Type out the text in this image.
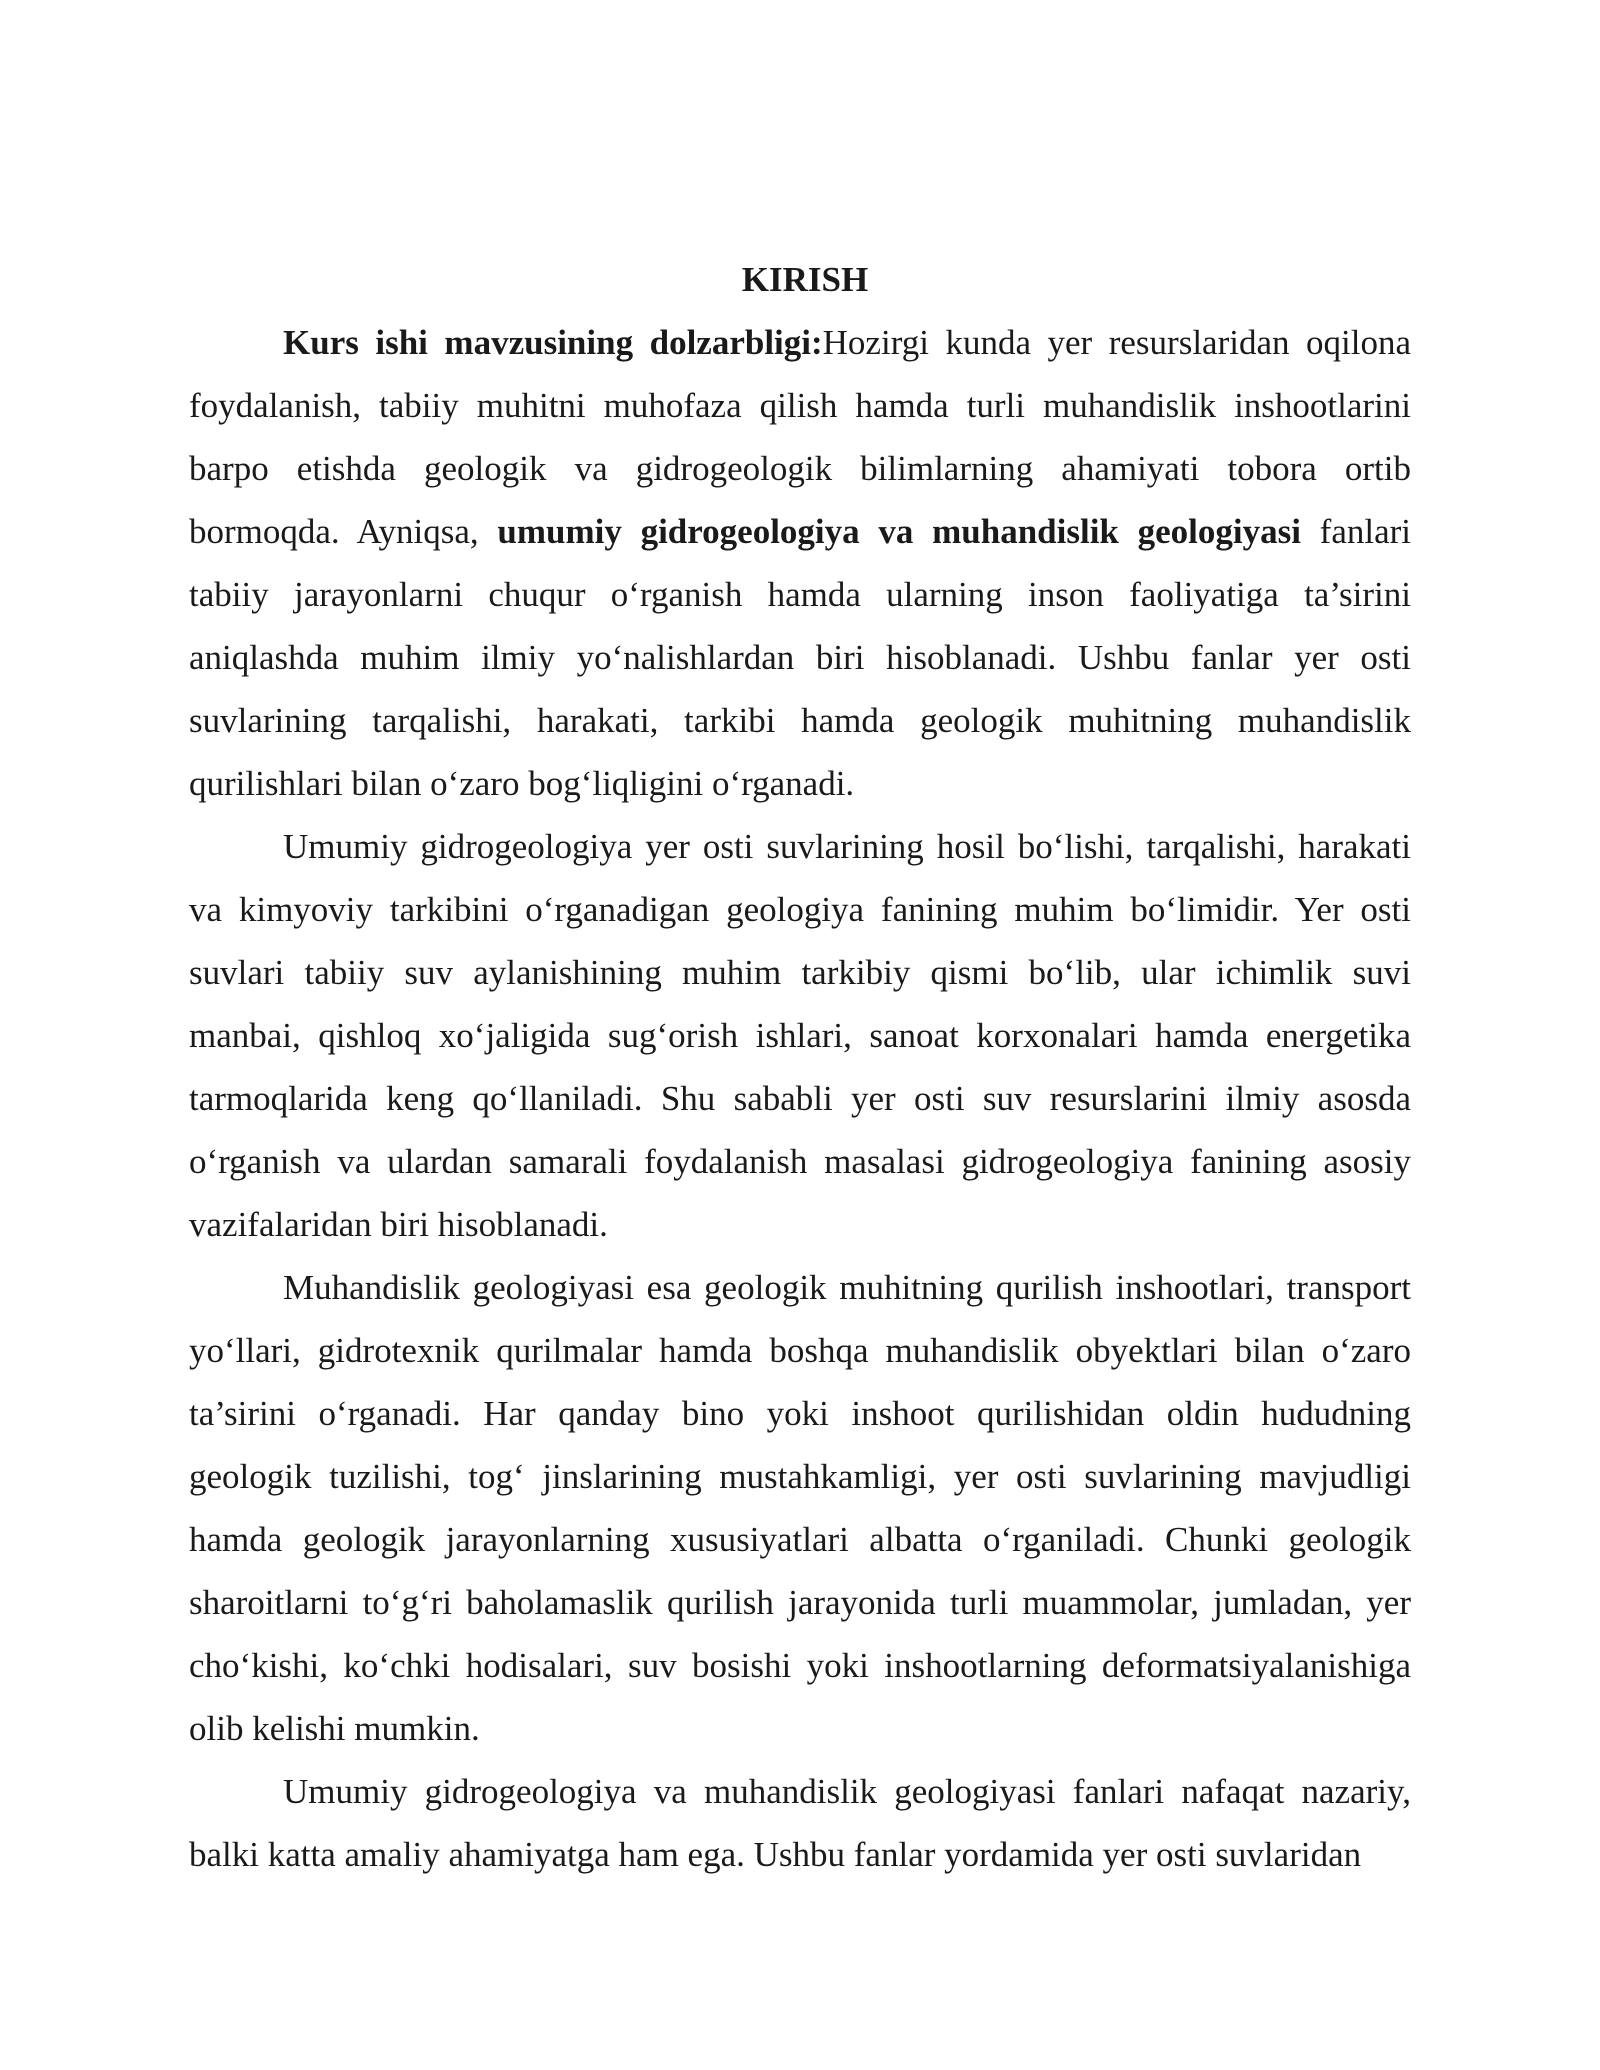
KIRISH

Kurs ishi mavzusining dolzarbligi:Hozirgi kunda yer resurslaridan oqilona foydalanish, tabiiy muhitni muhofaza qilish hamda turli muhandislik inshootlarini barpo etishda geologik va gidrogeologik bilimlarning ahamiyati tobora ortib bormoqda. Ayniqsa, umumiy gidrogeologiya va muhandislik geologiyasi fanlari tabiiy jarayonlarni chuqur o‘rganish hamda ularning inson faoliyatiga ta’sirini aniqlashda muhim ilmiy yo‘nalishlardan biri hisoblanadi. Ushbu fanlar yer osti suvlarining tarqalishi, harakati, tarkibi hamda geologik muhitning muhandislik qurilishlari bilan o‘zaro bog‘liqligini o‘rganadi.

Umumiy gidrogeologiya yer osti suvlarining hosil bo‘lishi, tarqalishi, harakati va kimyoviy tarkibini o‘rganadigan geologiya fanining muhim bo‘limidir. Yer osti suvlari tabiiy suv aylanishining muhim tarkibiy qismi bo‘lib, ular ichimlik suvi manbai, qishloq xo‘jaligida sug‘orish ishlari, sanoat korxonalari hamda energetika tarmoqlarida keng qo‘llaniladi. Shu sababli yer osti suv resurslarini ilmiy asosda o‘rganish va ulardan samarali foydalanish masalasi gidrogeologiya fanining asosiy vazifalaridan biri hisoblanadi.

Muhandislik geologiyasi esa geologik muhitning qurilish inshootlari, transport yo‘llari, gidrotexnik qurilmalar hamda boshqa muhandislik obyektlari bilan o‘zaro ta’sirini o‘rganadi. Har qanday bino yoki inshoot qurilishidan oldin hududning geologik tuzilishi, tog‘ jinslarining mustahkamligi, yer osti suvlarining mavjudligi hamda geologik jarayonlarning xususiyatlari albatta o‘rganiladi. Chunki geologik sharoitlarni to‘g‘ri baholamaslik qurilish jarayonida turli muammolar, jumladan, yer cho‘kishi, ko‘chki hodisalari, suv bosishi yoki inshootlarning deformatsiyalanishiga olib kelishi mumkin.

Umumiy gidrogeologiya va muhandislik geologiyasi fanlari nafaqat nazariy, balki katta amaliy ahamiyatga ham ega. Ushbu fanlar yordamida yer osti suvlaridan
